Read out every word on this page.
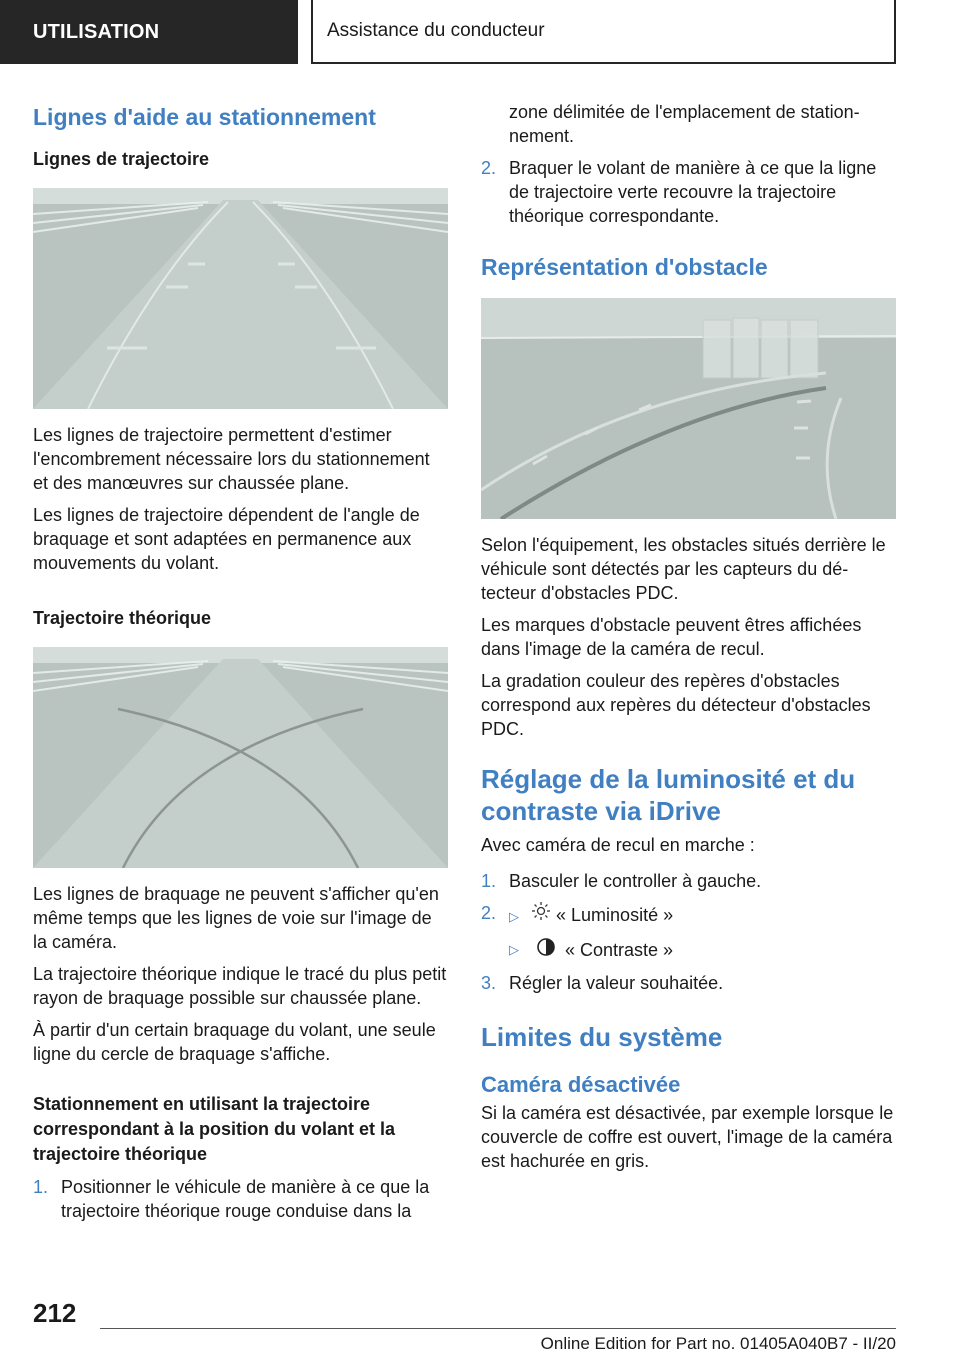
UTILISATION	Assistance du conducteur
Lignes d'aide au stationnement
Lignes de trajectoire

Les lignes de trajectoire permettent d'estimer l'encombrement nécessaire lors du stationnement et des manœuvres sur chaussée plane.

Les lignes de trajectoire dépendent de l'angle de braquage et sont adaptées en permanence aux mouvements du volant.

Trajectoire théorique

Les lignes de braquage ne peuvent s'afficher qu'en même temps que les lignes de voie sur l'image de la caméra.

La trajectoire théorique indique le tracé du plus petit rayon de braquage possible sur chaussée plane.

À partir d'un certain braquage du volant, une seule ligne du cercle de braquage s'affiche.

Stationnement en utilisant la trajectoire correspondant à la position du volant et la trajectoire théorique
1. Positionner le véhicule de manière à ce que la trajectoire théorique rouge conduise dans la
zone délimitée de l'emplacement de stationnement.
2. Braquer le volant de manière à ce que la ligne de trajectoire verte recouvre la trajectoire théorique correspondante.
Représentation d'obstacle

Selon l'équipement, les obstacles situés derrière le véhicule sont détectés par les capteurs du détecteur d'obstacles PDC.

Les marques d'obstacle peuvent êtres affichées dans l'image de la caméra de recul.

La gradation couleur des repères d'obstacles correspond aux repères du détecteur d'obstacles PDC.

Réglage de la luminosité et du contraste via iDrive

Avec caméra de recul en marche :

1. Basculer le controller à gauche.
2. ▷ « Luminosité »
▷	« Contraste »
3. Régler la valeur souhaitée.
Limites du système
Caméra désactivée

Si la caméra est désactivée, par exemple lorsque le couvercle de coffre est ouvert, l'image de la caméra est hachurée en gris.

212
Online Edition for Part no. 01405A040B7 - II/20
